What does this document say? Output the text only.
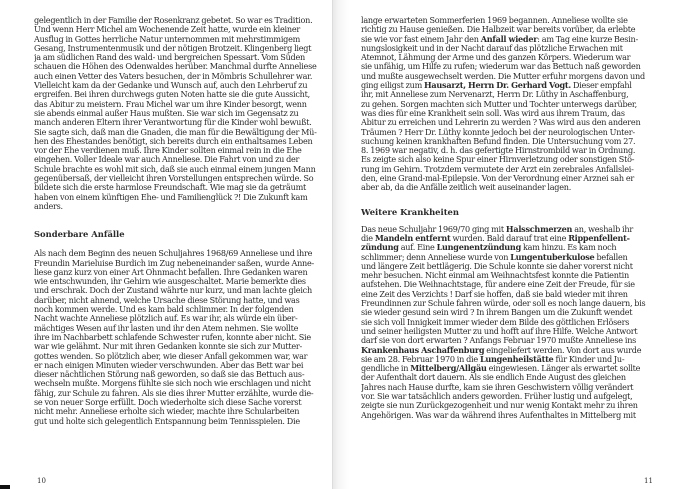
gelegentlich in der Familie der Rosenkranz gebetet. So war es Tradition.
Und wenn Herr Michel am Wochenende Zeit hatte, wurde ein kleiner
Ausflug in Gottes herrliche Natur unternommen mit mehrstimmigem
Gesang, Instrumentenmusik und der nötigen Brotzeit. Klingenberg liegt
ja am südlichen Rand des wald- und bergreichen Spessart. Vom Süden
schauen die Höhen des Odenwaldes herüber. Manchmal durfte Anneliese
auch einen Vetter des Vaters besuchen, der in Mömbris Schullehrer war.
Vielleicht kam da der Gedanke und Wunsch auf, auch den Lehrberuf zu
ergreifen. Bei ihren durchwegs guten Noten hatte sie die gute Aussicht,
das Abitur zu meistern. Frau Michel war um ihre Kinder besorgt, wenn
sie abends einmal außer Haus mußten. Sie war sich im Gegensatz zu
manch anderen Eltern ihrer Verantwortung für die Kinder wohl bewußt.
Sie sagte sich, daß man die Gnaden, die man für die Bewältigung der Mü-
hen des Ehestandes benötigt, sich bereits durch ein enthaltsames Leben
vor der Ehe verdienen muß. Ihre Kinder sollten einmal rein in die Ehe
eingehen. Voller Ideale war auch Anneliese. Die Fahrt von und zu der
Schule brachte es wohl mit sich, daß sie auch einmal einem jungen Mann
gegenübersaß, der vielleicht ihren Vorstellungen entsprechen würde. So
bildete sich die erste harmlose Freundschaft. Wie mag sie da geträumt
haben von einem künftigen Ehe- und Familienglück ?! Die Zukunft kam
anders.
Sonderbare Anfälle
Als nach dem Beginn des neuen Schuljahres 1968/69 Anneliese und ihre
Freundin Marieluise Burdich im Zug nebeneinander saßen, wurde Anne-
liese ganz kurz von einer Art Ohnmacht befallen. Ihre Gedanken waren
wie entschwunden, ihr Gehirn wie ausgeschaltet. Marie bemerkte dies
und erschrak. Doch der Zustand währte nur kurz, und man lachte gleich
darüber, nicht ahnend, welche Ursache diese Störung hatte, und was
noch kommen werde. Und es kam bald schlimmer. In der folgenden
Nacht wachte Anneliese plötzlich auf. Es war ihr, als würde ein über-
mächtiges Wesen auf ihr lasten und ihr den Atem nehmen. Sie wollte
ihre im Nachbarbett schlafende Schwester rufen, konnte aber nicht. Sie
war wie gelähmt. Nur mit ihren Gedanken konnte sie sich zur Mutter-
gottes wenden. So plötzlich aber, wie dieser Anfall gekommen war, war
er nach einigen Minuten wieder verschwunden. Aber das Bett war bei
dieser nächtlichen Störung naß geworden, so daß sie das Bettuch aus-
wechseln mußte. Morgens fühlte sie sich noch wie erschlagen und nicht
fähig, zur Schule zu fahren. Als sie dies ihrer Mutter erzählte, wurde die-
se von neuer Sorge erfüllt. Doch wiederholte sich diese Sache vorerst
nicht mehr. Anneliese erholte sich wieder, machte ihre Schularbeiten
gut und holte sich gelegentlich Entspannung beim Tennisspielen. Die
10
lange erwarteten Sommerferien 1969 begannen. Anneliese wollte sie
richtig zu Hause genießen. Die Halbzeit war bereits vorüber, da erlebte
sie wie vor fast einem Jahr den Anfall wieder: am Tag eine kurze Besin-
nungslosigkeit und in der Nacht darauf das plötzliche Erwachen mit
Atemnot, Lähmung der Arme und des ganzen Körpers. Wiederum war
sie unfähig, um Hilfe zu rufen; wiederum war das Bettuch naß geworden
und mußte ausgewechselt werden. Die Mutter erfuhr morgens davon und
ging eiligst zum Hausarzt, Herrn Dr. Gerhard Vogt. Dieser empfahl
ihr, mit Anneliese zum Nervenarzt, Herrn Dr. Lüthy in Aschaffenburg,
zu gehen. Sorgen machten sich Mutter und Tochter unterwegs darüber,
was dies für eine Krankheit sein soll. Was wird aus ihrem Traum, das
Abitur zu erreichen und Lehrerin zu werden ? Was wird aus den anderen
Träumen ? Herr Dr. Lüthy konnte jedoch bei der neurologischen Unter-
suchung keinen krankhaften Befund finden. Die Untersuchung vom 27.
8. 1969 war negativ, d. h. das gefertigte Hirnstrombild war in Ordnung.
Es zeigte sich also keine Spur einer Hirnverletzung oder sonstigen Stö-
rung im Gehirn. Trotzdem vermutete der Arzt ein zerebrales Anfallslei-
den, eine Grand-mal-Epilepsie. Von der Verordnung einer Arznei sah er
aber ab, da die Anfälle zeitlich weit auseinander lagen.
Weitere Krankheiten
Das neue Schuljahr 1969/70 ging mit Halsschmerzen an, weshalb ihr
die Mandeln entfernt wurden. Bald darauf trat eine Rippenfellent-
zündung auf. Eine Lungenentzündung kam hinzu. Es kam noch
schlimmer; denn Anneliese wurde von Lungentuberkulose befallen
und längere Zeit bettlägerig. Die Schule konnte sie daher vorerst nicht
mehr besuchen. Nicht einmal am Weihnachtsfest konnte die Patientin
aufstehen. Die Weihnachtstage, für andere eine Zeit der Freude, für sie
eine Zeit des Verzichts ! Darf sie hoffen, daß sie bald wieder mit ihren
Freundinnen zur Schule fahren würde, oder soll es noch lange dauern, bis
sie wieder gesund sein wird ? In ihrem Bangen um die Zukunft wendet
sie sich voll Innigkeit immer wieder dem Bilde des göttlichen Erlösers
und seiner heiligsten Mutter zu und hofft auf ihre Hilfe. Welche Antwort
darf sie von dort erwarten ? Anfangs Februar 1970 mußte Anneliese ins
Krankenhaus Aschaffenburg eingeliefert werden. Von dort aus wurde
sie am 28. Februar 1970 in die Lungenheilstätte für Kinder und Ju-
gendliche in Mittelberg/Allgäu eingewiesen. Länger als erwartet sollte
der Aufenthalt dort dauern. Als sie endlich Ende August des gleichen
Jahres nach Hause durfte, kam sie ihren Geschwistern völlig verändert
vor. Sie war tatsächlich anders geworden. Früher lustig und aufgelegt,
zeigte sie nun Zurückgezogenheit und nur wenig Kontakt mehr zu ihren
Angehörigen. Was war da während ihres Aufenthaltes in Mittelberg mit
11
